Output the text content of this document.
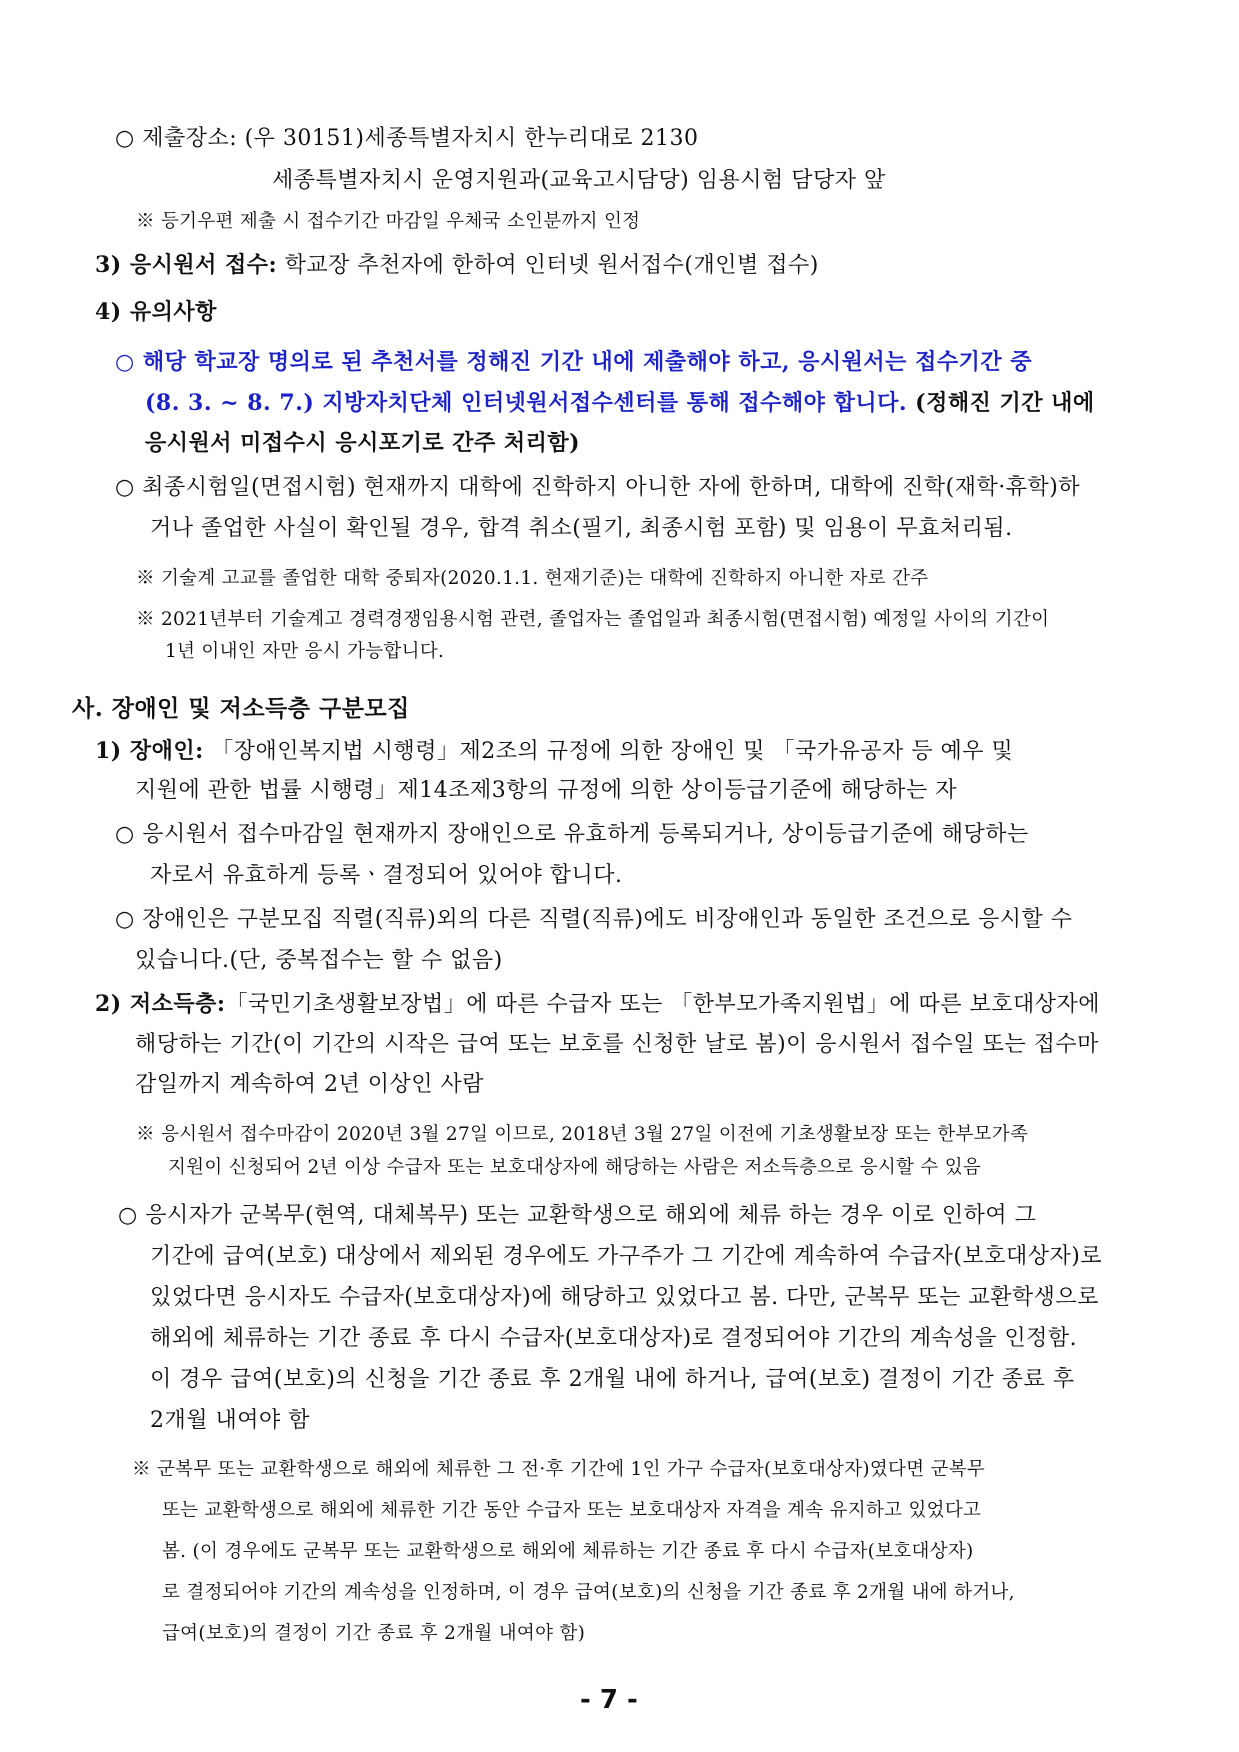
○ 제출장소: (우 30151)세종특별자치시 한누리대로 2130
세종특별자치시 운영지원과(교육고시담당) 임용시험 담당자 앞
※ 등기우편 제출 시 접수기간 마감일 우체국 소인분까지 인정
3) 응시원서 접수: 학교장 추천자에 한하여 인터넷 원서접수(개인별 접수)
4) 유의사항
○ 해당 학교장 명의로 된 추천서를 정해진 기간 내에 제출해야 하고, 응시원서는 접수기간 중
(8. 3. ~ 8. 7.) 지방자치단체 인터넷원서접수센터를 통해 접수해야 합니다. (정해진 기간 내에
응시원서 미접수시 응시포기로 간주 처리함)
○ 최종시험일(면접시험) 현재까지 대학에 진학하지 아니한 자에 한하며, 대학에 진학(재학·휴학)하
거나 졸업한 사실이 확인될 경우, 합격 취소(필기, 최종시험 포함) 및 임용이 무효처리됨.
※ 기술계 고교를 졸업한 대학 중퇴자(2020.1.1. 현재기준)는 대학에 진학하지 아니한 자로 간주
※ 2021년부터 기술계고 경력경쟁임용시험 관련, 졸업자는 졸업일과 최종시험(면접시험) 예정일 사이의 기간이
1년 이내인 자만 응시 가능합니다.
사. 장애인 및 저소득층 구분모집
1) 장애인: 「장애인복지법 시행령」제2조의 규정에 의한 장애인 및 「국가유공자 등 예우 및
지원에 관한 법률 시행령」제14조제3항의 규정에 의한 상이등급기준에 해당하는 자
○ 응시원서 접수마감일 현재까지 장애인으로 유효하게 등록되거나, 상이등급기준에 해당하는
자로서 유효하게 등록ㆍ결정되어 있어야 합니다.
○ 장애인은 구분모집 직렬(직류)외의 다른 직렬(직류)에도 비장애인과 동일한 조건으로 응시할 수
있습니다.(단, 중복접수는 할 수 없음)
2) 저소득층:「국민기초생활보장법」에 따른 수급자 또는 「한부모가족지원법」에 따른 보호대상자에
해당하는 기간(이 기간의 시작은 급여 또는 보호를 신청한 날로 봄)이 응시원서 접수일 또는 접수마
감일까지 계속하여 2년 이상인 사람
※ 응시원서 접수마감이 2020년 3월 27일 이므로, 2018년 3월 27일 이전에 기초생활보장 또는 한부모가족
지원이 신청되어 2년 이상 수급자 또는 보호대상자에 해당하는 사람은 저소득층으로 응시할 수 있음
○ 응시자가 군복무(현역, 대체복무) 또는 교환학생으로 해외에 체류 하는 경우 이로 인하여 그
기간에 급여(보호) 대상에서 제외된 경우에도 가구주가 그 기간에 계속하여 수급자(보호대상자)로
있었다면 응시자도 수급자(보호대상자)에 해당하고 있었다고 봄. 다만, 군복무 또는 교환학생으로
해외에 체류하는 기간 종료 후 다시 수급자(보호대상자)로 결정되어야 기간의 계속성을 인정함.
이 경우 급여(보호)의 신청을 기간 종료 후 2개월 내에 하거나, 급여(보호) 결정이 기간 종료 후
2개월 내여야 함
※ 군복무 또는 교환학생으로 해외에 체류한 그 전·후 기간에 1인 가구 수급자(보호대상자)였다면 군복무
또는 교환학생으로 해외에 체류한 기간 동안 수급자 또는 보호대상자 자격을 계속 유지하고 있었다고
봄. (이 경우에도 군복무 또는 교환학생으로 해외에 체류하는 기간 종료 후 다시 수급자(보호대상자)
로 결정되어야 기간의 계속성을 인정하며, 이 경우 급여(보호)의 신청을 기간 종료 후 2개월 내에 하거나,
급여(보호)의 결정이 기간 종료 후 2개월 내여야 함)
- 7 -
